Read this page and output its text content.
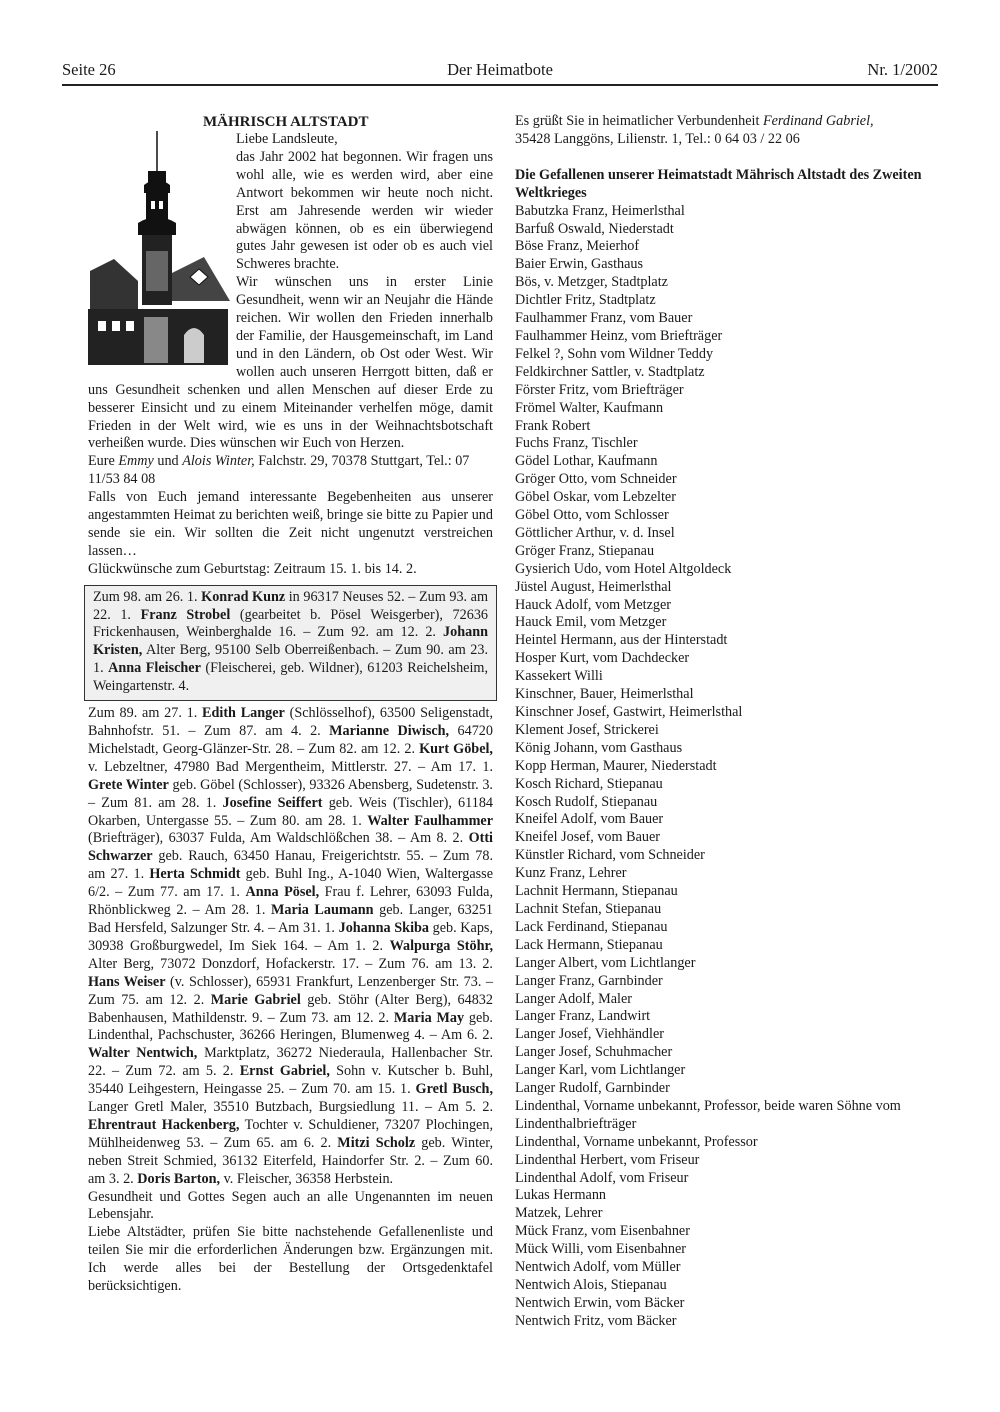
Seite 26	Der Heimatbote	Nr. 1/2002
MÄHRISCH ALTSTADT

Liebe Landsleute,

das Jahr 2002 hat begonnen. Wir fragen uns wohl alle, wie es werden wird, aber eine Antwort bekommen wir heute noch nicht. Erst am Jahresende werden wir wieder abwägen können, ob es ein überwiegend gutes Jahr gewesen ist oder ob es auch viel Schweres brachte.

Wir wünschen uns in erster Linie Gesundheit, wenn wir an Neujahr die Hände reichen. Wir wollen den Frieden innerhalb der Familie, der Hausgemeinschaft, im Land und in den Ländern, ob Ost oder West. Wir wollen auch unseren Herrgott bitten, daß er uns Gesundheit schenken und allen Menschen auf dieser Erde zu besserer Einsicht und zu einem Miteinander verhelfen möge, damit Frieden in der Welt wird, wie es uns in der Weihnachtsbotschaft verheißen wurde. Dies wünschen wir Euch von Herzen.

Eure Emmy und Alois Winter, Falchstr. 29, 70378 Stuttgart, Tel.: 07 11/53 84 08

Falls von Euch jemand interessante Begebenheiten aus unserer angestammten Heimat zu berichten weiß, bringe sie bitte zu Papier und sende sie ein. Wir sollten die Zeit nicht ungenutzt verstreichen lassen…

Glückwünsche zum Geburtstag: Zeitraum 15. 1. bis 14. 2.

Zum 98. am 26. 1. Konrad Kunz in 96317 Neuses 52. – Zum 93. am 22. 1. Franz Strobel (gearbeitet b. Pösel Weisgerber), 72636 Frickenhausen, Weinberghalde 16. – Zum 92. am 12. 2. Johann Kristen, Alter Berg, 95100 Selb Oberreißenbach. – Zum 90. am 23. 1. Anna Fleischer (Fleischerei, geb. Wildner), 61203 Reichelsheim, Weingartenstr. 4.

Zum 89. am 27. 1. Edith Langer (Schlösselhof), 63500 Seligenstadt, Bahnhofstr. 51. – Zum 87. am 4. 2. Marianne Diwisch, 64720 Michelstadt, Georg-Glänzer-Str. 28. – Zum 82. am 12. 2. Kurt Göbel, v. Lebzeltner, 47980 Bad Mergentheim, Mittlerstr. 27. – Am 17. 1. Grete Winter geb. Göbel (Schlosser), 93326 Abensberg, Sudetenstr. 3. – Zum 81. am 28. 1. Josefine Seiffert geb. Weis (Tischler), 61184 Okarben, Untergasse 55. – Zum 80. am 28. 1. Walter Faulhammer (Briefträger), 63037 Fulda, Am Waldschlößchen 38. – Am 8. 2. Otti Schwarzer geb. Rauch, 63450 Hanau, Freigerichtstr. 55. – Zum 78. am 27. 1. Herta Schmidt geb. Buhl Ing., A-1040 Wien, Waltergasse 6/2. – Zum 77. am 17. 1. Anna Pösel, Frau f. Lehrer, 63093 Fulda, Rhönblickweg 2. – Am 28. 1. Maria Laumann geb. Langer, 63251 Bad Hersfeld, Salzunger Str. 4. – Am 31. 1. Johanna Skiba geb. Kaps, 30938 Großburgwedel, Im Siek 164. – Am 1. 2. Walpurga Stöhr, Alter Berg, 73072 Donzdorf, Hofackerstr. 17. – Zum 76. am 13. 2. Hans Weiser (v. Schlosser), 65931 Frankfurt, Lenzenberger Str. 73. – Zum 75. am 12. 2. Marie Gabriel geb. Stöhr (Alter Berg), 64832 Babenhausen, Mathildenstr. 9. – Zum 73. am 12. 2. Maria May geb. Lindenthal, Pachschuster, 36266 Heringen, Blumenweg 4. – Am 6. 2. Walter Nentwich, Marktplatz, 36272 Niederaula, Hallenbacher Str. 22. – Zum 72. am 5. 2. Ernst Gabriel, Sohn v. Kutscher b. Buhl, 35440 Leihgestern, Heingasse 25. – Zum 70. am 15. 1. Gretl Busch, Langer Gretl Maler, 35510 Butzbach, Burgsiedlung 11. – Am 5. 2. Ehrentraut Hackenberg, Tochter v. Schuldiener, 73207 Plochingen, Mühlheidenweg 53. – Zum 65. am 6. 2. Mitzi Scholz geb. Winter, neben Streit Schmied, 36132 Eiterfeld, Haindorfer Str. 2. – Zum 60. am 3. 2. Doris Barton, v. Fleischer, 36358 Herbstein.

Gesundheit und Gottes Segen auch an alle Ungenannten im neuen Lebensjahr.

Liebe Altstädter, prüfen Sie bitte nachstehende Gefallenenliste und teilen Sie mir die erforderlichen Änderungen bzw. Ergänzungen mit. Ich werde alles bei der Bestellung der Ortsgedenktafel berücksichtigen.

Es grüßt Sie in heimatlicher Verbundenheit Ferdinand Gabriel,
35428 Langgöns, Lilienstr. 1, Tel.: 0 64 03 / 22 06

Die Gefallenen unserer Heimatstadt Mährisch Altstadt des Zweiten Weltkrieges
Babutzka Franz, Heimerlsthal
Barfuß Oswald, Niederstadt
Böse Franz, Meierhof
Baier Erwin, Gasthaus
Bös, v. Metzger, Stadtplatz
Dichtler Fritz, Stadtplatz
Faulhammer Franz, vom Bauer
Faulhammer Heinz, vom Briefträger
Felkel ?, Sohn vom Wildner Teddy
Feldkirchner Sattler, v. Stadtplatz
Förster Fritz, vom Briefträger
Frömel Walter, Kaufmann
Frank Robert
Fuchs Franz, Tischler
Gödel Lothar, Kaufmann
Gröger Otto, vom Schneider
Göbel Oskar, vom Lebzelter
Göbel Otto, vom Schlosser
Göttlicher Arthur, v. d. Insel
Gröger Franz, Stiepanau
Gysierich Udo, vom Hotel Altgoldeck
Jüstel August, Heimerlsthal
Hauck Adolf, vom Metzger
Hauck Emil, vom Metzger
Heintel Hermann, aus der Hinterstadt
Hosper Kurt, vom Dachdecker
Kassekert Willi
Kinschner, Bauer, Heimerlsthal
Kinschner Josef, Gastwirt, Heimerlsthal
Klement Josef, Strickerei
König Johann, vom Gasthaus
Kopp Herman, Maurer, Niederstadt
Kosch Richard, Stiepanau
Kosch Rudolf, Stiepanau
Kneifel Adolf, vom Bauer
Kneifel Josef, vom Bauer
Künstler Richard, vom Schneider
Kunz Franz, Lehrer
Lachnit Hermann, Stiepanau
Lachnit Stefan, Stiepanau
Lack Ferdinand, Stiepanau
Lack Hermann, Stiepanau
Langer Albert, vom Lichtlanger
Langer Franz, Garnbinder
Langer Adolf, Maler
Langer Franz, Landwirt
Langer Josef, Viehhändler
Langer Josef, Schuhmacher
Langer Karl, vom Lichtlanger
Langer Rudolf, Garnbinder
Lindenthal, Vorname unbekannt, Professor, beide waren Söhne vom Lindenthalbriefträger
Lindenthal, Vorname unbekannt, Professor
Lindenthal Herbert, vom Friseur
Lindenthal Adolf, vom Friseur
Lukas Hermann
Matzek, Lehrer
Mück Franz, vom Eisenbahner
Mück Willi, vom Eisenbahner
Nentwich Adolf, vom Müller
Nentwich Alois, Stiepanau
Nentwich Erwin, vom Bäcker
Nentwich Fritz, vom Bäcker
